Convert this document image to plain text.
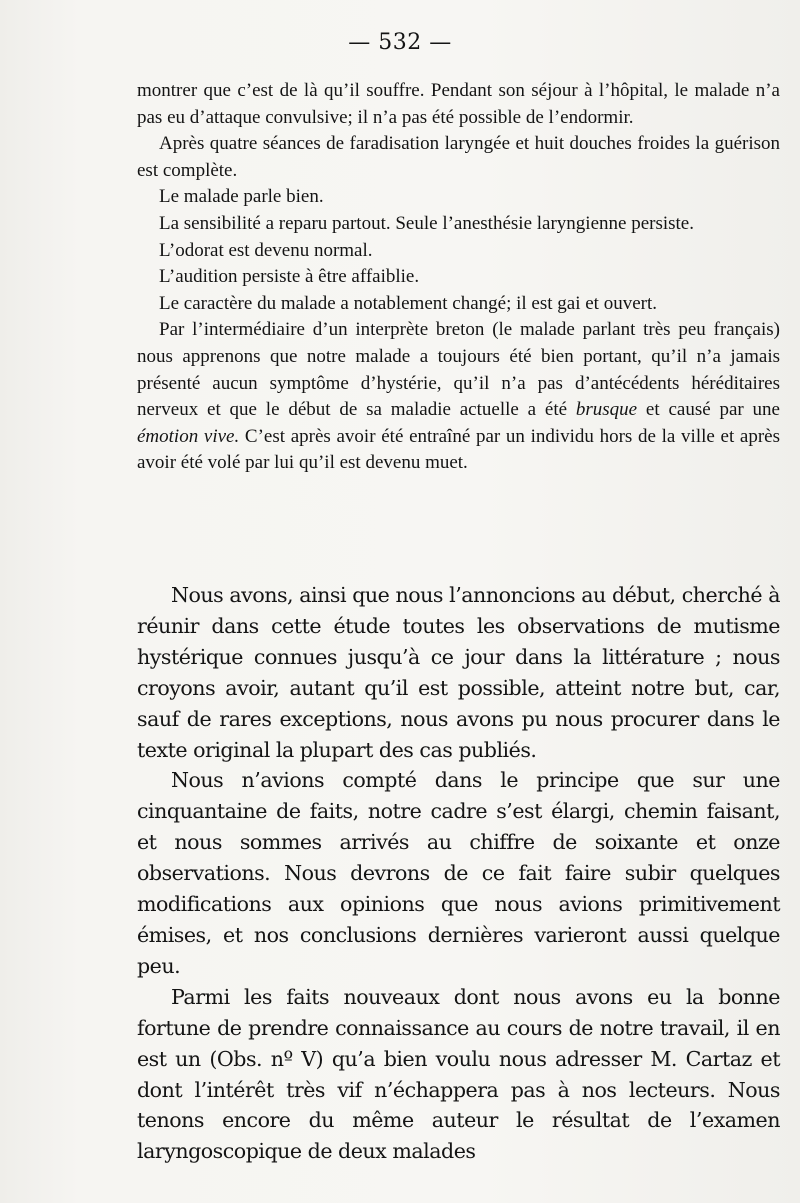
— 532 —

montrer que c’est de là qu’il souffre. Pendant son séjour à l’hôpital, le malade n’a pas eu d’attaque convulsive; il n’a pas été possible de l’endormir.

Après quatre séances de faradisation laryngée et huit douches froides la guérison est complète.

Le malade parle bien.

La sensibilité a reparu partout. Seule l’anesthésie laryngienne persiste.

L’odorat est devenu normal.

L’audition persiste à être affaiblie.

Le caractère du malade a notablement changé; il est gai et ouvert.

Par l’intermédiaire d’un interprète breton (le malade parlant très peu français) nous apprenons que notre malade a toujours été bien portant, qu’il n’a jamais présenté aucun symptôme d’hystérie, qu’il n’a pas d’antécédents héréditaires nerveux et que le début de sa maladie actuelle a été brusque et causé par une émotion vive. C’est après avoir été entraîné par un individu hors de la ville et après avoir été volé par lui qu’il est devenu muet.

Nous avons, ainsi que nous l’annoncions au début, cherché à réunir dans cette étude toutes les observations de mutisme hystérique connues jusqu’à ce jour dans la littérature ; nous croyons avoir, autant qu’il est possible, atteint notre but, car, sauf de rares exceptions, nous avons pu nous procurer dans le texte original la plupart des cas publiés.

Nous n’avions compté dans le principe que sur une cinquantaine de faits, notre cadre s’est élargi, chemin faisant, et nous sommes arrivés au chiffre de soixante et onze observations. Nous devrons de ce fait faire subir quelques modifications aux opinions que nous avions primitivement émises, et nos conclusions dernières varieront aussi quelque peu.

Parmi les faits nouveaux dont nous avons eu la bonne fortune de prendre connaissance au cours de notre travail, il en est un (Obs. nº V) qu’a bien voulu nous adresser M. Cartaz et dont l’intérêt très vif n’échappera pas à nos lecteurs. Nous tenons encore du même auteur le résultat de l’examen laryngoscopique de deux malades
